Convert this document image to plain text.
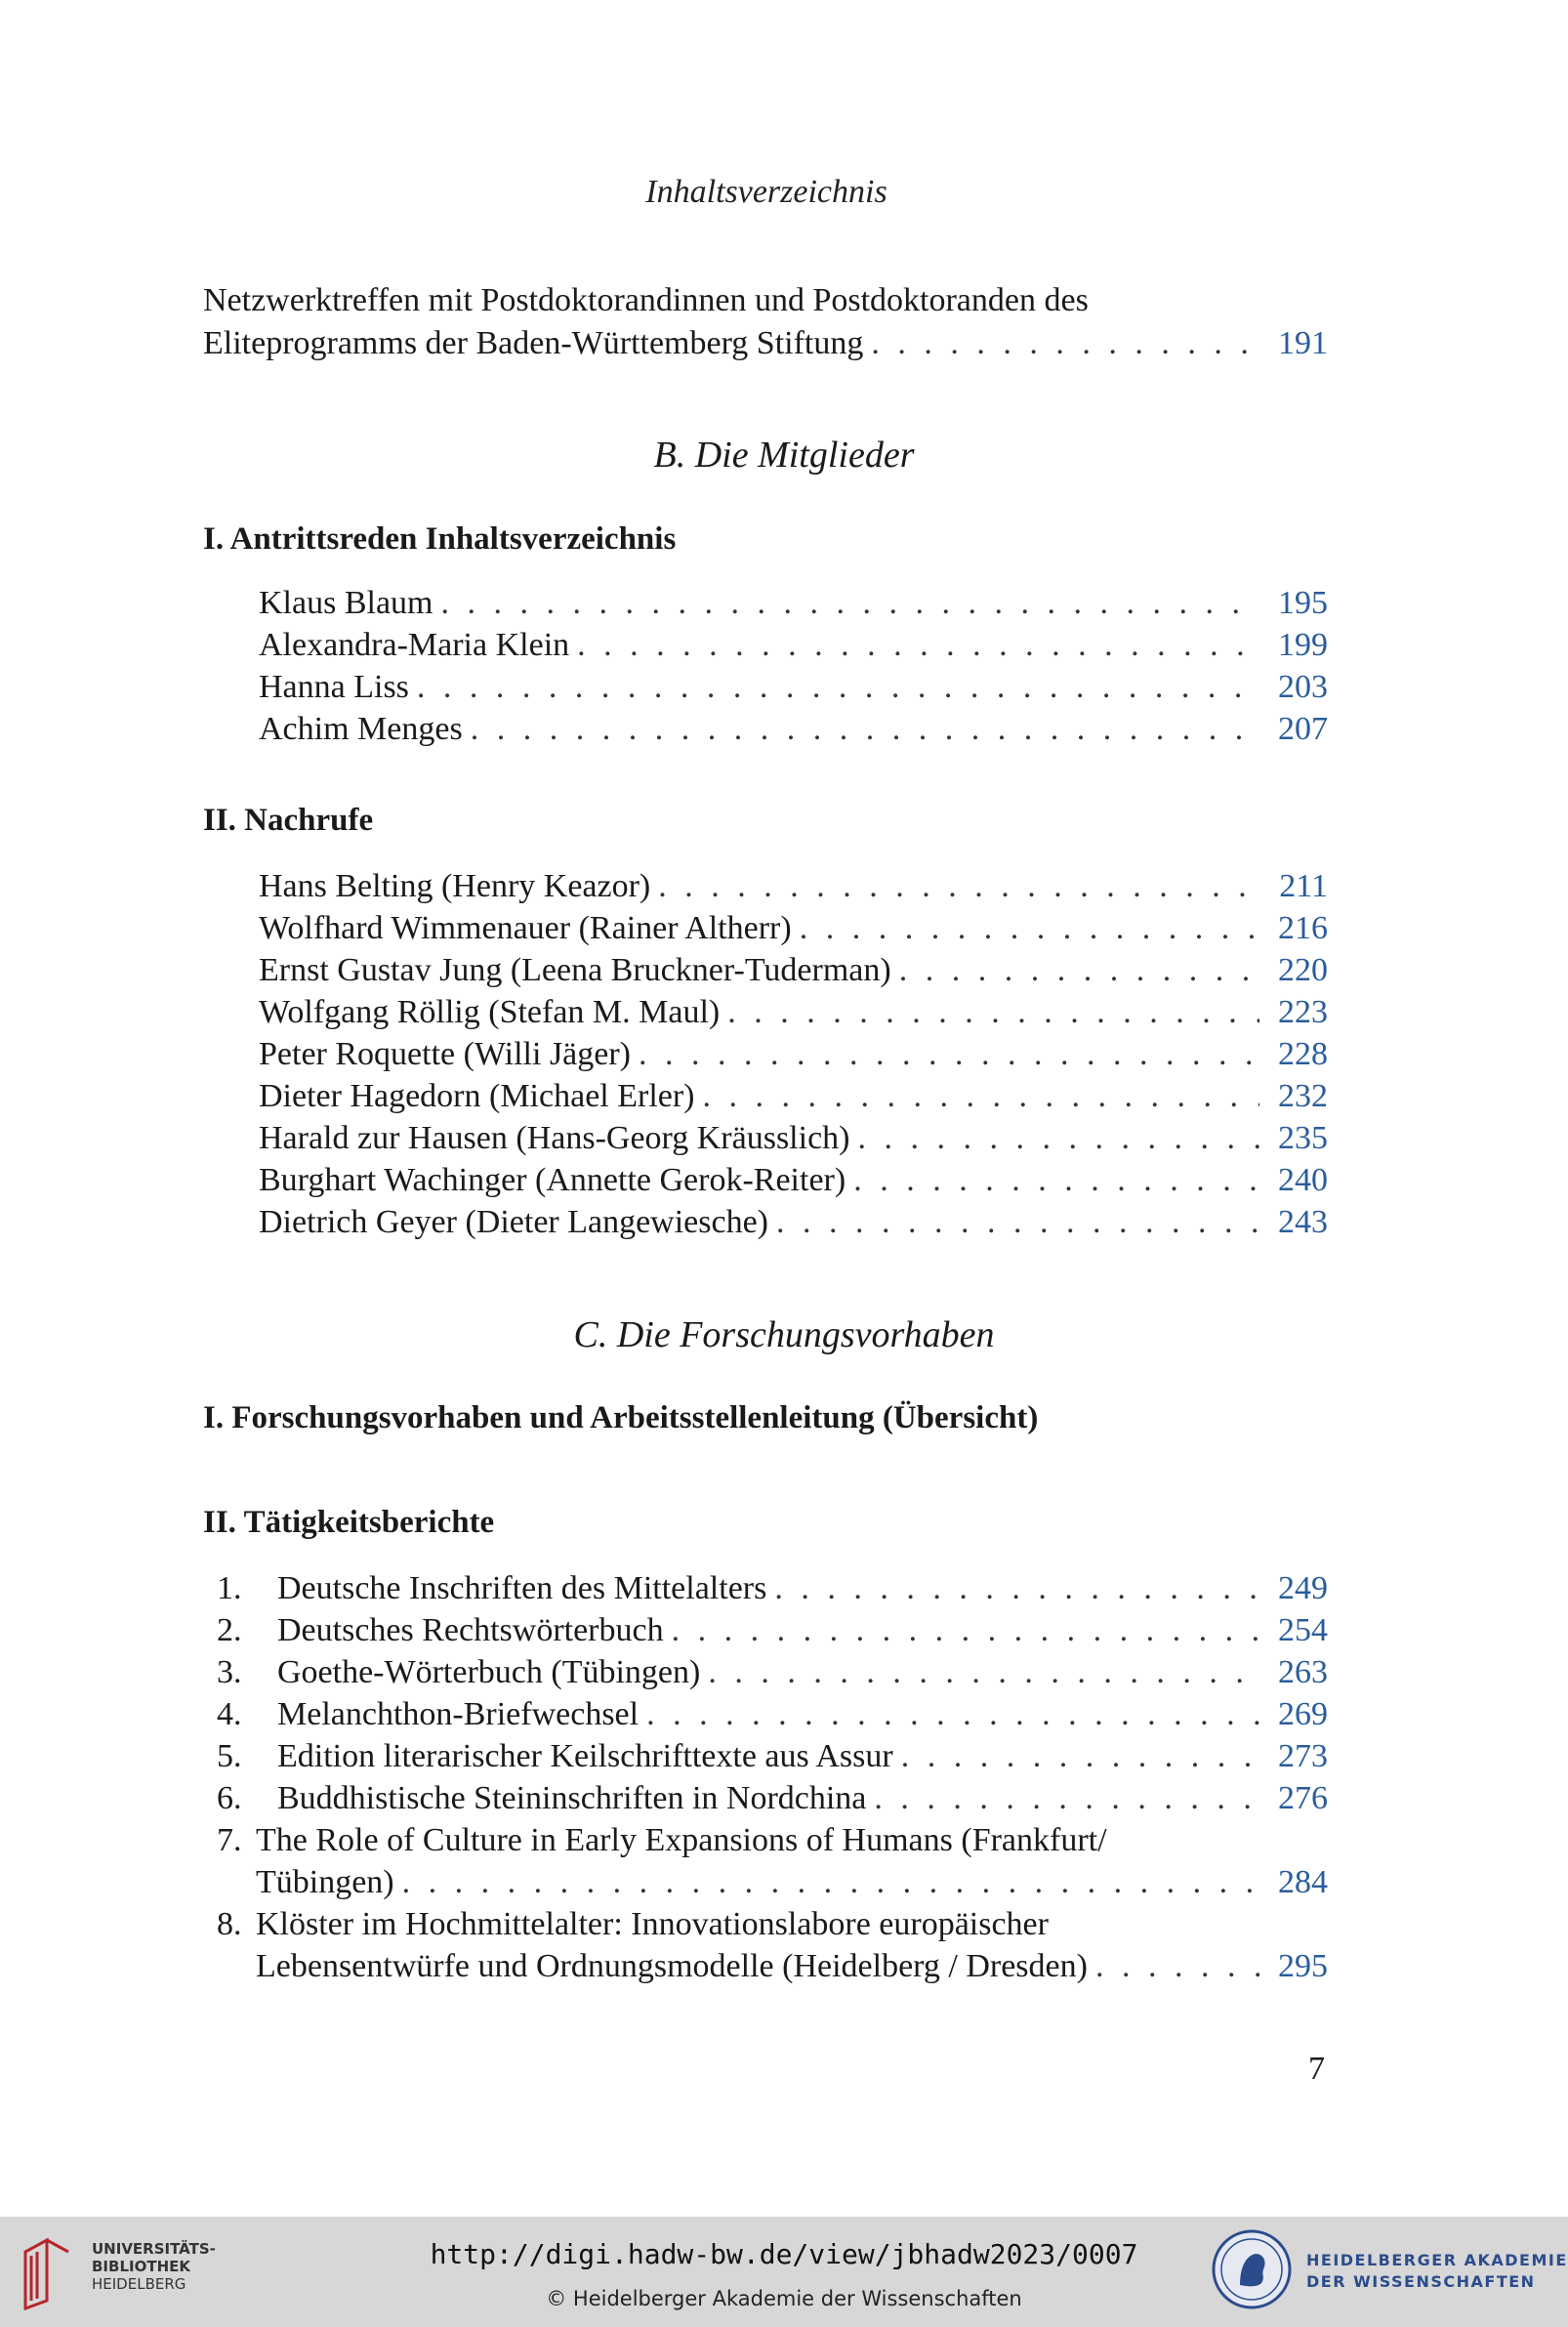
Inhaltsverzeichnis
Netzwerktreffen mit Postdoktorandinnen und Postdoktoranden des
Eliteprogramms der Baden-Württemberg Stiftung . . .	191
B. Die Mitglieder
I. Antrittsreden Inhaltsverzeichnis
Klaus Blaum . . .	195
Alexandra-Maria Klein . . .	199
Hanna Liss . . .	203
Achim Menges . . .	207
II. Nachrufe
Hans Belting (Henry Keazor) . . .	211
Wolfhard Wimmenauer (Rainer Altherr) . . .	216
Ernst Gustav Jung (Leena Bruckner-Tuderman) . . .	220
Wolfgang Röllig (Stefan M. Maul) . . .	223
Peter Roquette (Willi Jäger) . . .	228
Dieter Hagedorn (Michael Erler) . . .	232
Harald zur Hausen (Hans-Georg Kräusslich) . . .	235
Burghart Wachinger (Annette Gerok-Reiter) . . .	240
Dietrich Geyer (Dieter Langewiesche) . . .	243
C. Die Forschungsvorhaben
I. Forschungsvorhaben und Arbeitsstellenleitung (Übersicht)
II. Tätigkeitsberichte
1.	Deutsche Inschriften des Mittelalters . . .	249
2.	Deutsches Rechtswörterbuch . . .	254
3.	Goethe-Wörterbuch (Tübingen) . . .	263
4.	Melanchthon-Briefwechsel . . .	269
5.	Edition literarischer Keilschrifttexte aus Assur . . .	273
6.	Buddhistische Steininschriften in Nordchina . . .	276
7. The Role of Culture in Early Expansions of Humans (Frankfurt/
Tübingen) . . .	284
8. Klöster im Hochmittelalter: Innovationslabore europäischer
Lebensentwürfe und Ordnungsmodelle (Heidelberg / Dresden) . . .	295
7
UNIVERSITÄTS-
BIBLIOTHEK
HEIDELBERG
http://digi.hadw-bw.de/view/jbhadw2023/0007
© Heidelberger Akademie der Wissenschaften
HEIDELBERGER AKADEMIE
DER WISSENSCHAFTEN
